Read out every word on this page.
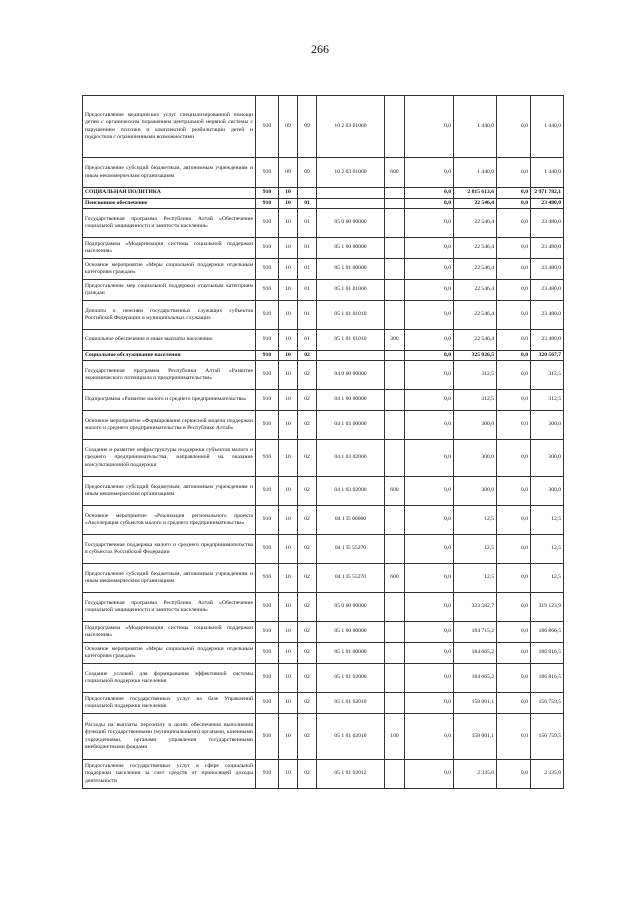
266
Предоставление медицинских услуг специализированной помощи детям с органическим поражением центральной нервной системы с нарушением психики и комплексной реабилитации детей и подростков с ограниченными возможностями	910	09	09	10 2 03 01060		0,0	1 440,0	0,0	1 440,0
Предоставление субсидий бюджетным, автономным учреждениям и иным некоммерческим организациям	910	09	09	10 2 03 01060	600	0,0	1 440,0	0,0	1 440,0
СОЦИАЛЬНАЯ ПОЛИТИКА	910	10				0,0	2 815 613,6	0,0	2 971 782,1
Пенсионное обеспечение	910	10	01			0,0	22 546,4	0,0	23 480,0
Государственная программа Республики Алтай «Обеспечение социальной защищенности и занятости населения»	910	10	01	05 0 00 00000		0,0	22 546,4	0,0	23 480,0
Подпрограмма «Модернизация системы социальной поддержки населения»	910	10	01	05 1 00 00000		0,0	22 546,4	0,0	23 480,0
Основное мероприятие «Меры социальной поддержки отдельным категориям граждан»	910	10	01	05 1 01 00000		0,0	22 546,4	0,0	23 480,0
Предоставление мер социальной поддержки отдельным категориям граждан	910	10	01	05 1 01 01000		0,0	22 546,4	0,0	23 480,0
Доплаты к пенсиям государственных служащих субъектов Российской Федерации и муниципальных служащих	910	10	01	05 1 01 01010		0,0	22 546,4	0,0	23 480,0
Социальное обеспечение и иные выплаты населению	910	10	01	05 1 01 01010	300	0,0	22 546,4	0,0	23 480,0
Социальное обслуживание населения	910	10	02			0,0	325 026,5	0,0	320 567,7
Государственная программа Республики Алтай «Развитие экономического потенциала и предпринимательства»	910	10	02	04 0 00 00000		0,0	312,5	0,0	312,5
Подпрограмма «Развитие малого и среднего предпринимательства»	910	10	02	04 1 00 00000		0,0	312,5	0,0	312,5
Основное мероприятие «Формирование сервисной модели поддержки малого и среднего предпринимательства в Республике Алтай»	910	10	02	04 1 03 00000		0,0	300,0	0,0	300,0
Создание и развитие инфраструктуры поддержки субъектов малого и среднего предпринимательства, направленной на оказание консультационной поддержки	910	10	02	04 1 03 02000		0,0	300,0	0,0	300,0
Предоставление субсидий бюджетным, автономным учреждениям и иным некоммерческим организациям	910	10	02	04 1 03 02000	600	0,0	300,0	0,0	300,0
Основное мероприятие «Реализация регионального проекта «Акселерация субъектов малого и среднего предпринимательства»	910	10	02	04 1 I5 00000		0,0	12,5	0,0	12,5
Государственная поддержка малого и среднего предпринимательства в субъектах Российской Федерации	910	10	02	04 1 I5 55270		0,0	12,5	0,0	12,5
Предоставление субсидий бюджетным, автономным учреждениям и иным некоммерческим организациям	910	10	02	04 1 I5 55270	600	0,0	12,5	0,0	12,5
Государственная программа Республики Алтай «Обеспечение социальной защищенности и занятости населения»	910	10	02	05 0 00 00000		0,0	323 582,7	0,0	319 123,9
Подпрограмма «Модернизация системы социальной поддержки населения»	910	10	02	05 1 00 00000		0,0	184 715,2	0,0	186 866,5
Основное мероприятие «Меры социальной поддержки отдельным категориям граждан»	910	10	02	05 1 01 00000		0,0	184 665,2	0,0	186 816,5
Создание условий для формирования эффективной системы социальной поддержки населения	910	10	02	05 1 01 02000		0,0	184 665,2	0,0	186 816,5
Предоставление государственных услуг на базе Управлений социальной поддержки населения	910	10	02	05 1 01 02010		0,0	158 001,1	0,0	156 759,5
Расходы на выплаты персоналу в целях обеспечения выполнения функций государственными (муниципальными) органами, казенными учреждениями, органами управления государственными внебюджетными фондами	910	10	02	05 1 01 02010	100	0,0	158 001,1	0,0	156 759,5
Предоставление государственных услуг в сфере социальной поддержки населения за счет средств от приносящей доходы деятельности	910	10	02	05 1 01 02012		0,0	2 335,0	0,0	2 335,0
